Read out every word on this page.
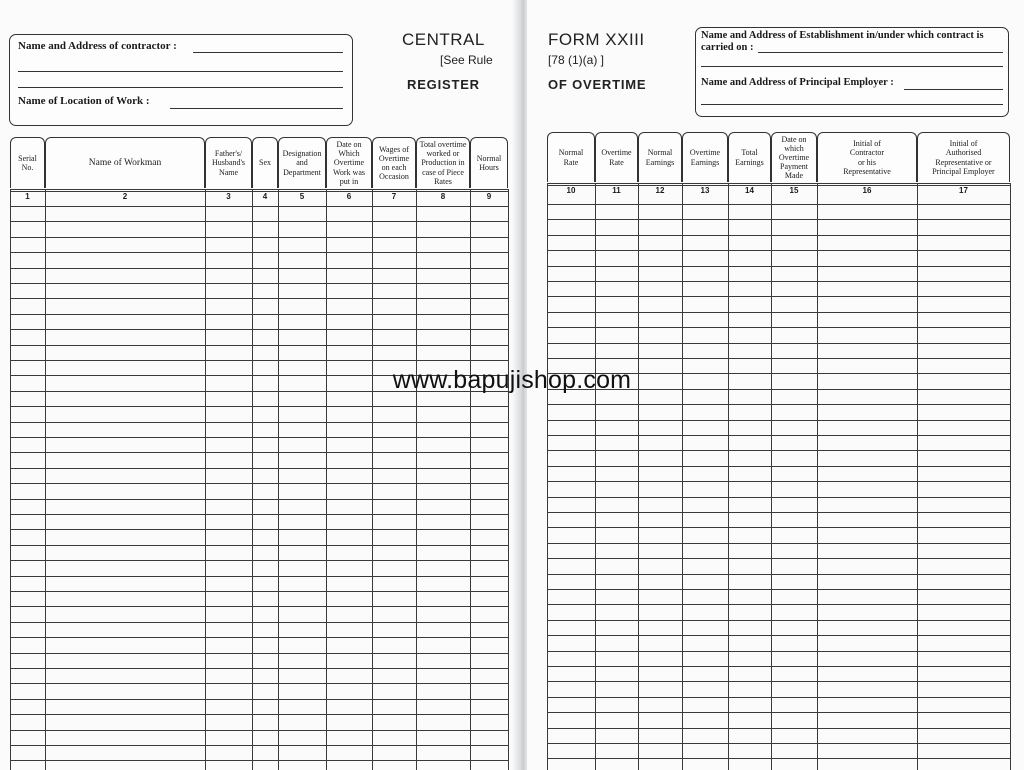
Name and Address of contractor :
Name of Location of Work :
CENTRAL
[See Rule
REGISTER
Serial
No.
1
Name of Workman
2
Father's/
Husband's
Name
3
Sex
4
Designation
and
Department
5
Date on
Which
Overtime
Work was
put in
6
Wages of
Overtime
on each
Occasion
7
Total overtime
worked or
Production in
case of Piece
Rates
8
Normal
Hours
9
FORM XXIII
[78 (1)(a) ]
OF OVERTIME
Name and Address of Establishment in/under which contract is carried on :
Name and Address of Principal Employer :
Normal
Rate
10
Overtime
Rate
11
Normal
Earnings
12
Overtime
Earnings
13
Total
Earnings
14
Date on which
Overtime
Payment Made
15
Initial of
Contractor
or his
Representative
16
Initial of
Authorised
Representative or
Principal Employer
17
www.bapujishop.com
